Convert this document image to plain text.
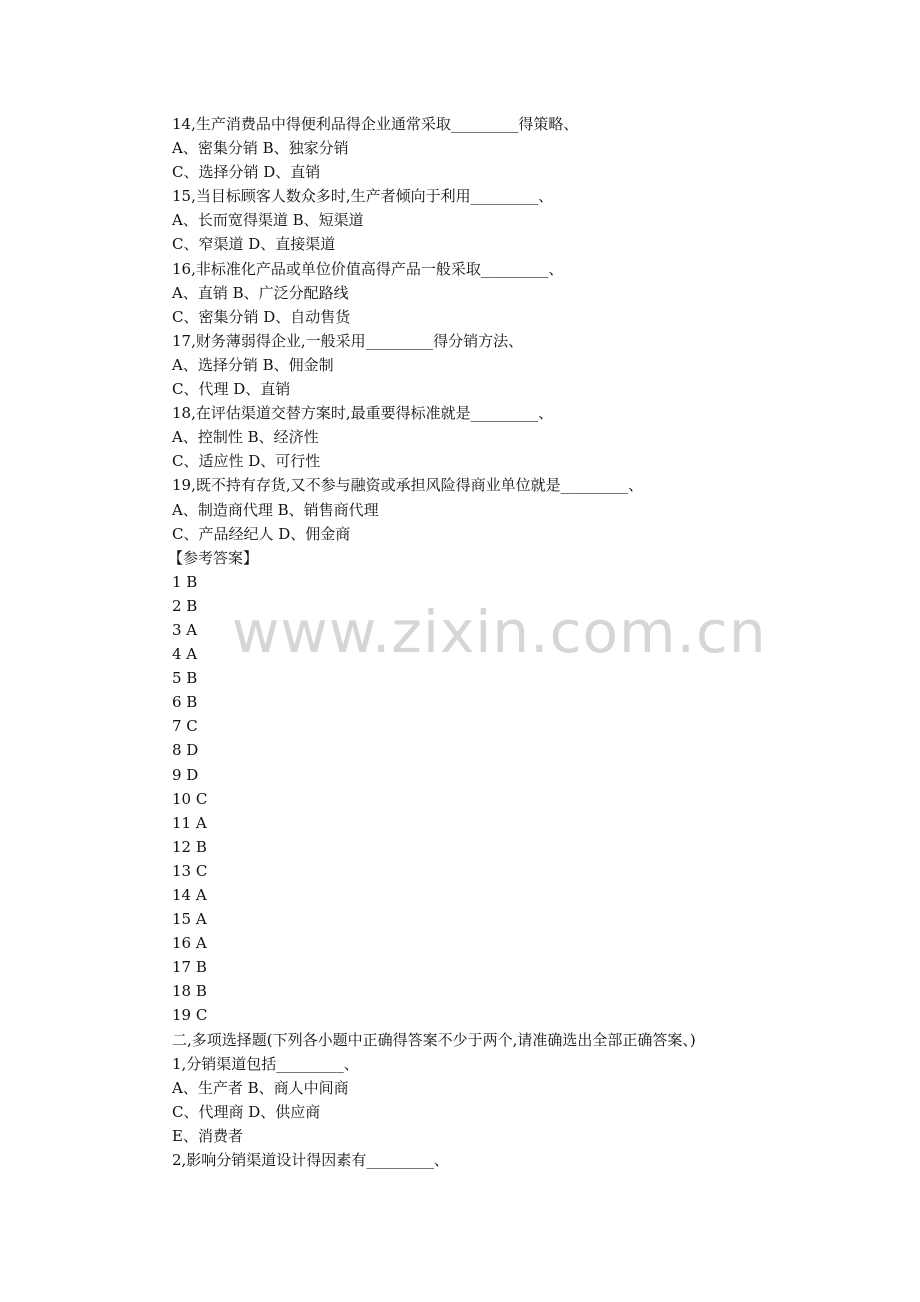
14,生产消费品中得便利品得企业通常采取_________得策略、
A、密集分销 B、独家分销
C、选择分销 D、直销
15,当目标顾客人数众多时,生产者倾向于利用_________、
A、长而宽得渠道 B、短渠道
C、窄渠道 D、直接渠道
16,非标准化产品或单位价值高得产品一般采取_________、
A、直销 B、广泛分配路线
C、密集分销 D、自动售货
17,财务薄弱得企业,一般采用_________得分销方法、
A、选择分销 B、佣金制
C、代理 D、直销
18,在评估渠道交替方案时,最重要得标准就是_________、
A、控制性 B、经济性
C、适应性 D、可行性
19,既不持有存货,又不参与融资或承担风险得商业单位就是_________、
A、制造商代理 B、销售商代理
C、产品经纪人 D、佣金商
【参考答案】
1 B
2 B
3 A
4 A
5 B
6 B
7 C
8 D
9 D
10 C
11 A
12 B
13 C
14 A
15 A
16 A
17 B
18 B
19 C
二,多项选择题(下列各小题中正确得答案不少于两个,请准确选出全部正确答案、)
1,分销渠道包括_________、
A、生产者 B、商人中间商
C、代理商 D、供应商
E、消费者
2,影响分销渠道设计得因素有_________、
www.zixin.com.cn
